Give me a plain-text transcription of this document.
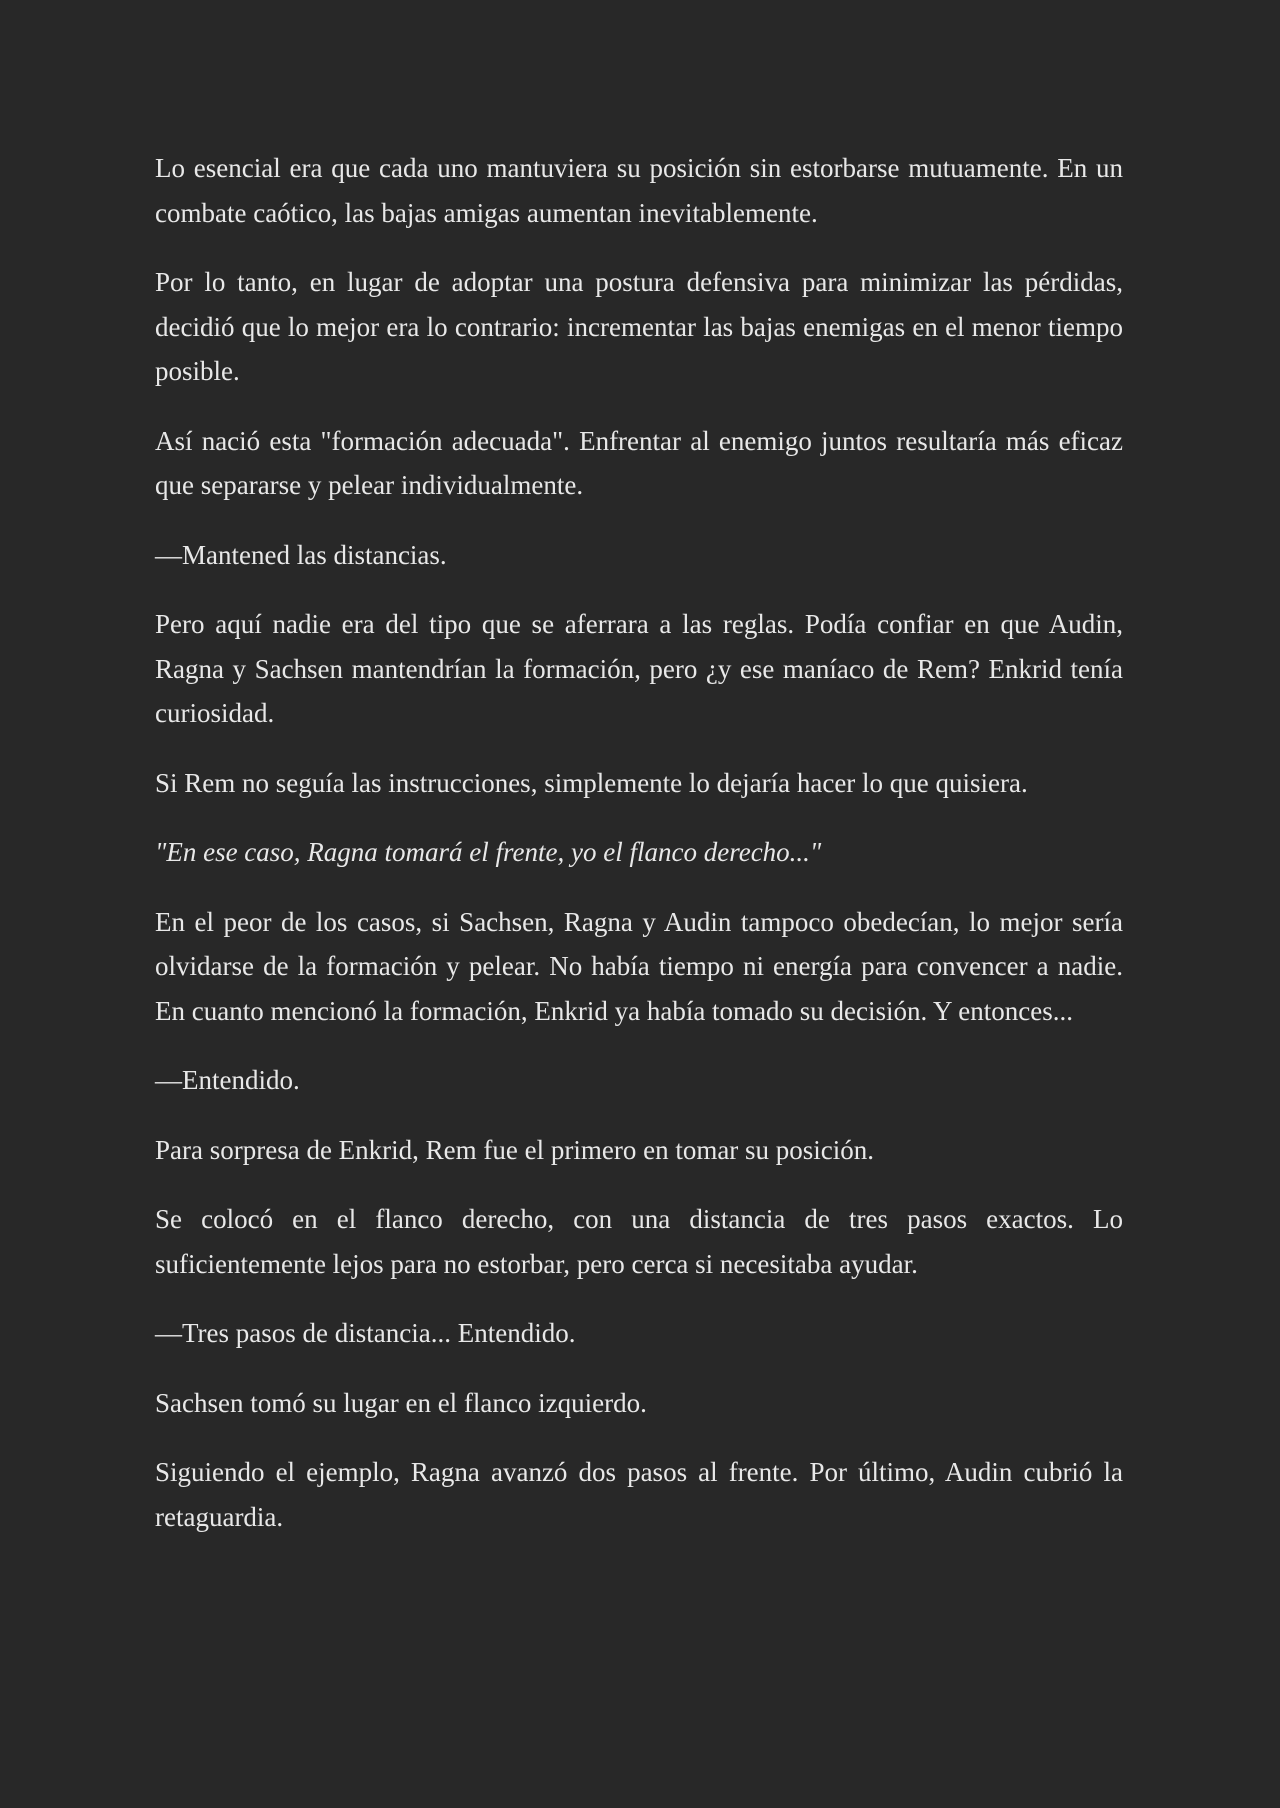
Lo esencial era que cada uno mantuviera su posición sin estorbarse mutuamente. En un combate caótico, las bajas amigas aumentan inevitablemente.

Por lo tanto, en lugar de adoptar una postura defensiva para minimizar las pérdidas, decidió que lo mejor era lo contrario: incrementar las bajas enemigas en el menor tiempo posible.

Así nació esta "formación adecuada". Enfrentar al enemigo juntos resultaría más eficaz que separarse y pelear individualmente.

—Mantened las distancias.

Pero aquí nadie era del tipo que se aferrara a las reglas. Podía confiar en que Audin, Ragna y Sachsen mantendrían la formación, pero ¿y ese maníaco de Rem? Enkrid tenía curiosidad.

Si Rem no seguía las instrucciones, simplemente lo dejaría hacer lo que quisiera.

"En ese caso, Ragna tomará el frente, yo el flanco derecho..."

En el peor de los casos, si Sachsen, Ragna y Audin tampoco obedecían, lo mejor sería olvidarse de la formación y pelear. No había tiempo ni energía para convencer a nadie. En cuanto mencionó la formación, Enkrid ya había tomado su decisión. Y entonces...

—Entendido.

Para sorpresa de Enkrid, Rem fue el primero en tomar su posición.

Se colocó en el flanco derecho, con una distancia de tres pasos exactos. Lo suficientemente lejos para no estorbar, pero cerca si necesitaba ayudar.

—Tres pasos de distancia... Entendido.

Sachsen tomó su lugar en el flanco izquierdo.

Siguiendo el ejemplo, Ragna avanzó dos pasos al frente. Por último, Audin cubrió la retaguardia.
